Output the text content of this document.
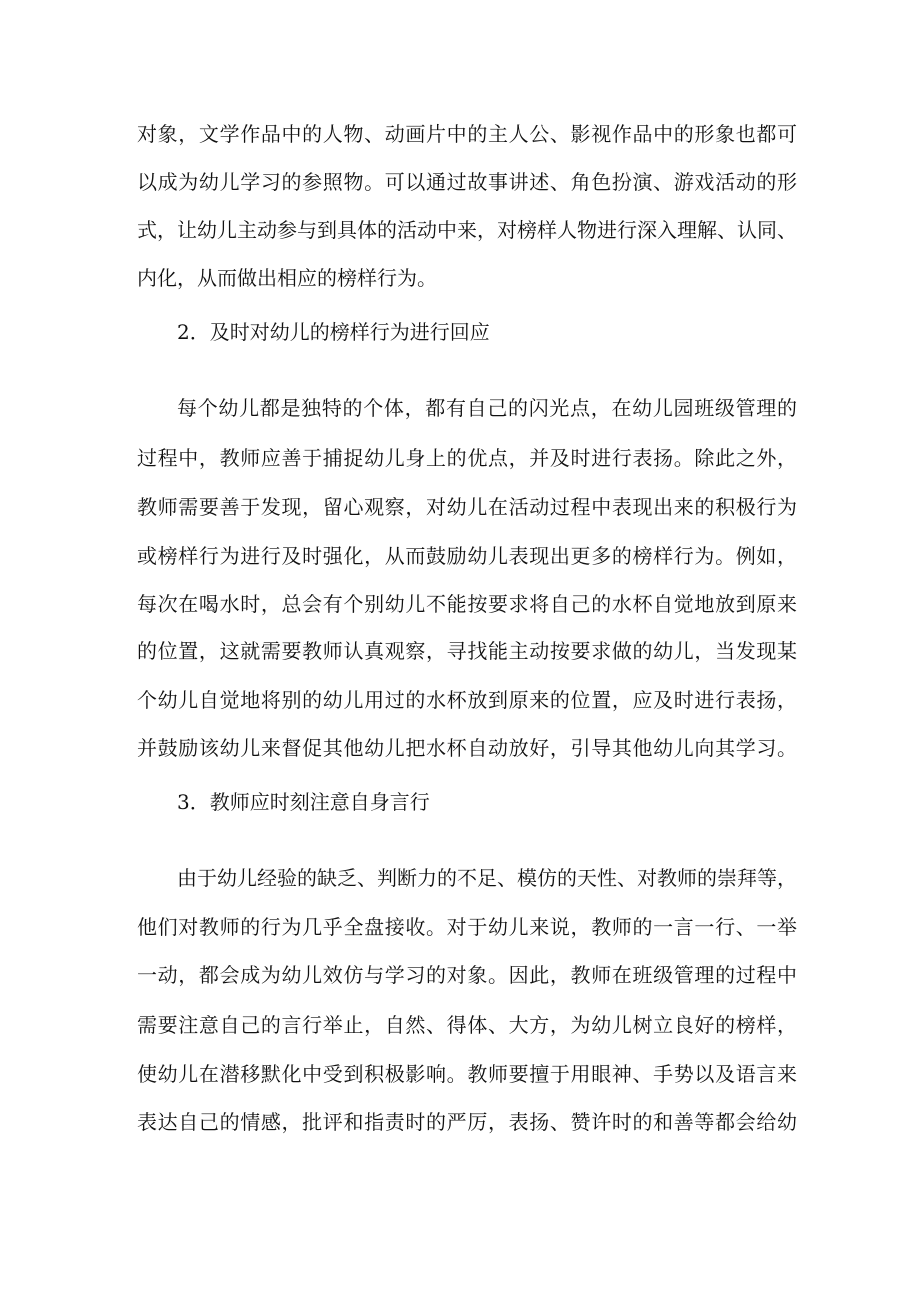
对象，文学作品中的人物、动画片中的主人公、影视作品中的形象也都可
以成为幼儿学习的参照物。可以通过故事讲述、角色扮演、游戏活动的形
式，让幼儿主动参与到具体的活动中来，对榜样人物进行深入理解、认同、
内化，从而做出相应的榜样行为。
2．及时对幼儿的榜样行为进行回应
每个幼儿都是独特的个体，都有自己的闪光点，在幼儿园班级管理的
过程中，教师应善于捕捉幼儿身上的优点，并及时进行表扬。除此之外，
教师需要善于发现，留心观察，对幼儿在活动过程中表现出来的积极行为
或榜样行为进行及时强化，从而鼓励幼儿表现出更多的榜样行为。例如，
每次在喝水时，总会有个别幼儿不能按要求将自己的水杯自觉地放到原来
的位置，这就需要教师认真观察，寻找能主动按要求做的幼儿，当发现某
个幼儿自觉地将别的幼儿用过的水杯放到原来的位置，应及时进行表扬，
并鼓励该幼儿来督促其他幼儿把水杯自动放好，引导其他幼儿向其学习。
3．教师应时刻注意自身言行
由于幼儿经验的缺乏、判断力的不足、模仿的天性、对教师的崇拜等，
他们对教师的行为几乎全盘接收。对于幼儿来说，教师的一言一行、一举
一动，都会成为幼儿效仿与学习的对象。因此，教师在班级管理的过程中
需要注意自己的言行举止，自然、得体、大方，为幼儿树立良好的榜样，
使幼儿在潜移默化中受到积极影响。教师要擅于用眼神、手势以及语言来
表达自己的情感，批评和指责时的严厉，表扬、赞许时的和善等都会给幼
